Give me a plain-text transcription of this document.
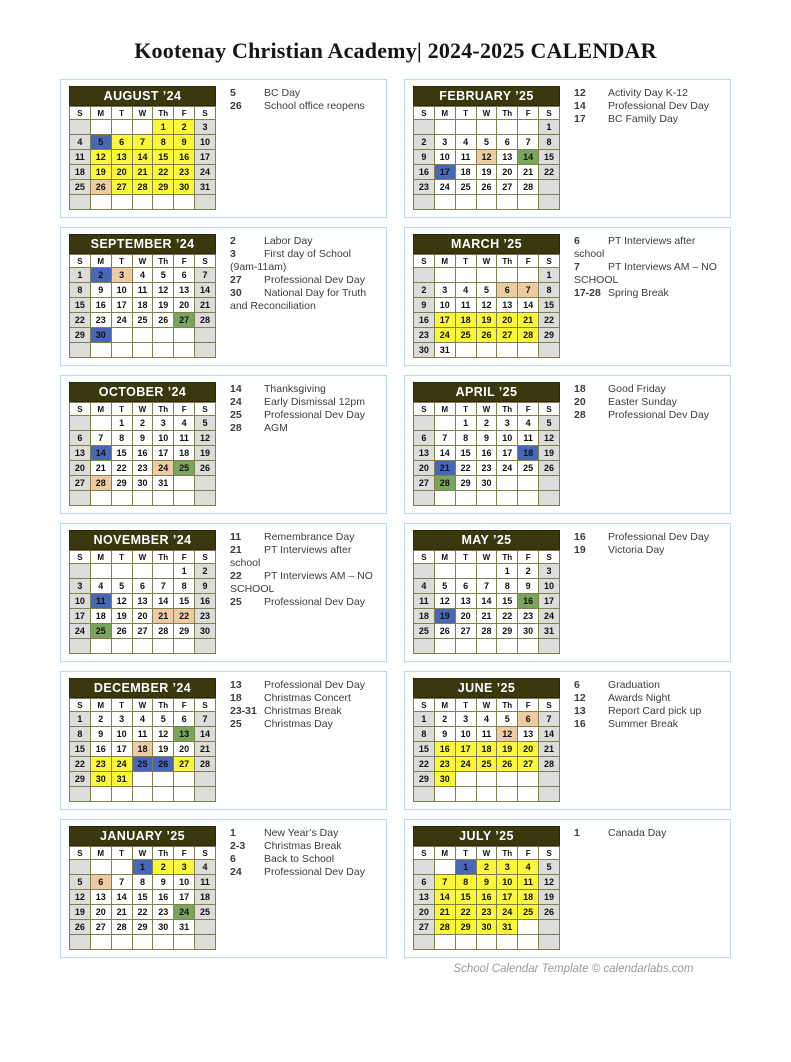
Kootenay Christian Academy| 2024-2025 CALENDAR
AUGUST ’24
S	M	T	W	Th	F	S
				1	2	3
4	5	6	7	8	9	10
11	12	13	14	15	16	17
18	19	20	21	22	23	24
25	26	27	28	29	30	31

5	BC Day
26 School office reopens
SEPTEMBER ’24
S	M	T	W	Th	F	S
1	2	3	4	5	6	7
8	9	10	11	12	13	14
15	16	17	18	19	20	21
22	23	24	25	26	27	28
29	30					

2	Labor Day
3	First day of School (9am-11am)
27 Professional Dev Day
30 National Day for Truth and Reconciliation
OCTOBER ’24
S	M	T	W	Th	F	S
		1	2	3	4	5
6	7	8	9	10	11	12
13	14	15	16	17	18	19
20	21	22	23	24	25	26
27	28	29	30	31		

14 Thanksgiving
24 Early Dismissal 12pm
25 Professional Dev Day
28 AGM
NOVEMBER ’24
S	M	T	W	Th	F	S
					1	2
3	4	5	6	7	8	9
10	11	12	13	14	15	16
17	18	19	20	21	22	23
24	25	26	27	28	29	30

11 Remembrance Day
21 PT Interviews after school
22 PT Interviews AM – NO SCHOOL
25 Professional Dev Day
DECEMBER ’24
S	M	T	W	Th	F	S
1	2	3	4	5	6	7
8	9	10	11	12	13	14
15	16	17	18	19	20	21
22	23	24	25	26	27	28
29	30	31				

13 Professional Dev Day
18 Christmas Concert
23-31 Christmas Break
25 Christmas Day
JANUARY ’25
S	M	T	W	Th	F	S
			1	2	3	4
5	6	7	8	9	10	11
12	13	14	15	16	17	18
19	20	21	22	23	24	25
26	27	28	29	30	31	

1	New Year’s Day
2-3 Christmas Break
6	Back to School
24 Professional Dev Day
FEBRUARY ’25
S	M	T	W	Th	F	S
						1
2	3	4	5	6	7	8
9	10	11	12	13	14	15
16	17	18	19	20	21	22
23	24	25	26	27	28	

12 Activity Day K-12
14 Professional Dev Day
17 BC Family Day
MARCH ’25
S	M	T	W	Th	F	S
						1
2	3	4	5	6	7	8
9	10	11	12	13	14	15
16	17	18	19	20	21	22
23	24	25	26	27	28	29
30	31					
6	PT Interviews after school
7	PT Interviews AM – NO SCHOOL
17-28 Spring Break
APRIL ’25
S	M	T	W	Th	F	S
		1	2	3	4	5
6	7	8	9	10	11	12
13	14	15	16	17	18	19
20	21	22	23	24	25	26
27	28	29	30			

18 Good Friday
20 Easter Sunday
28 Professional Dev Day
MAY ’25
S	M	T	W	Th	F	S
				1	2	3
4	5	6	7	8	9	10
11	12	13	14	15	16	17
18	19	20	21	22	23	24
25	26	27	28	29	30	31

16 Professional Dev Day
19 Victoria Day
JUNE ’25
S	M	T	W	Th	F	S
1	2	3	4	5	6	7
8	9	10	11	12	13	14
15	16	17	18	19	20	21
22	23	24	25	26	27	28
29	30					

6	Graduation
12 Awards Night
13 Report Card pick up
16 Summer Break
JULY ’25
S	M	T	W	Th	F	S
		1	2	3	4	5
6	7	8	9	10	11	12
13	14	15	16	17	18	19
20	21	22	23	24	25	26
27	28	29	30	31		

1	Canada Day
School Calendar Template © calendarlabs.com
